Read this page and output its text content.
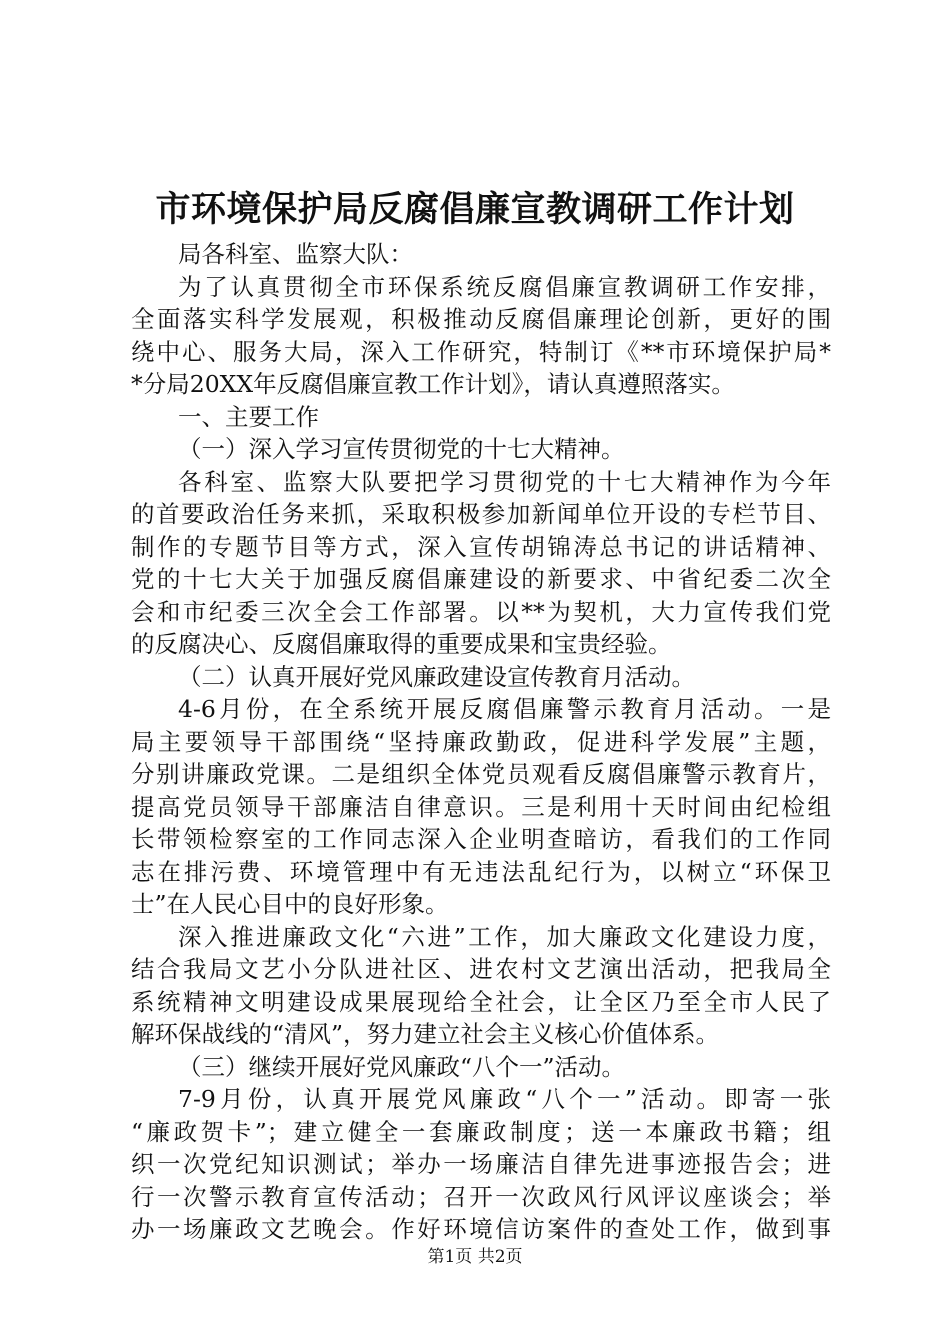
市环境保护局反腐倡廉宣教调研工作计划
局各科室、监察大队：
为了认真贯彻全市环保系统反腐倡廉宣教调研工作安排，
全面落实科学发展观，积极推动反腐倡廉理论创新，更好的围
绕中心、服务大局，深入工作研究，特制订《**市环境保护局*
*分局20XX年反腐倡廉宣教工作计划》，请认真遵照落实。
一、主要工作
（一）深入学习宣传贯彻党的十七大精神。
各科室、监察大队要把学习贯彻党的十七大精神作为今年
的首要政治任务来抓，采取积极参加新闻单位开设的专栏节目、
制作的专题节目等方式，深入宣传胡锦涛总书记的讲话精神、
党的十七大关于加强反腐倡廉建设的新要求、中省纪委二次全
会和市纪委三次全会工作部署。以**为契机，大力宣传我们党
的反腐决心、反腐倡廉取得的重要成果和宝贵经验。
（二）认真开展好党风廉政建设宣传教育月活动。
4-6月份，在全系统开展反腐倡廉警示教育月活动。一是
局主要领导干部围绕“坚持廉政勤政，促进科学发展”主题，
分别讲廉政党课。二是组织全体党员观看反腐倡廉警示教育片，
提高党员领导干部廉洁自律意识。三是利用十天时间由纪检组
长带领检察室的工作同志深入企业明查暗访，看我们的工作同
志在排污费、环境管理中有无违法乱纪行为，以树立“环保卫
士”在人民心目中的良好形象。
深入推进廉政文化“六进”工作，加大廉政文化建设力度，
结合我局文艺小分队进社区、进农村文艺演出活动，把我局全
系统精神文明建设成果展现给全社会，让全区乃至全市人民了
解环保战线的“清风”，努力建立社会主义核心价值体系。
（三）继续开展好党风廉政“八个一”活动。
7-9月份，认真开展党风廉政“八个一”活动。即寄一张
“廉政贺卡”；建立健全一套廉政制度；送一本廉政书籍；组
织一次党纪知识测试；举办一场廉洁自律先进事迹报告会；进
行一次警示教育宣传活动；召开一次政风行风评议座谈会；举
办一场廉政文艺晚会。作好环境信访案件的查处工作，做到事
第1页 共2页
